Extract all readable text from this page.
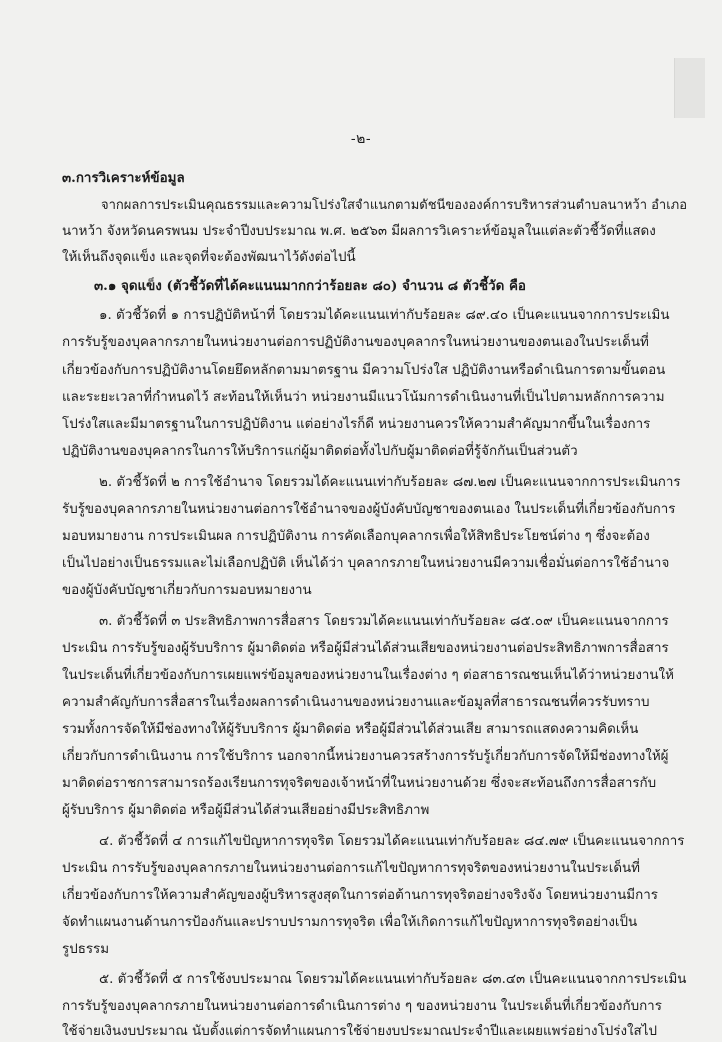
-๒-
๓.การวิเคราะห์ข้อมูล
จากผลการประเมินคุณธรรมและความโปร่งใสจำแนกตามดัชนีขององค์การบริหารส่วนตำบลนาหว้า อำเภอ
นาหว้า จังหวัดนครพนม ประจำปีงบประมาณ พ.ศ. ๒๕๖๓ มีผลการวิเคราะห์ข้อมูลในแต่ละตัวชี้วัดที่แสดง
ให้เห็นถึงจุดแข็ง และจุดที่จะต้องพัฒนาไว้ดังต่อไปนี้
๓.๑ จุดแข็ง (ตัวชี้วัดที่ได้คะแนนมากกว่าร้อยละ ๘๐) จำนวน ๘ ตัวชี้วัด คือ
๑. ตัวชี้วัดที่ ๑ การปฏิบัติหน้าที่ โดยรวมได้คะแนนเท่ากับร้อยละ ๘๙.๔๐ เป็นคะแนนจากการประเมิน
การรับรู้ของบุคลากรภายในหน่วยงานต่อการปฏิบัติงานของบุคลากรในหน่วยงานของตนเองในประเด็นที่
เกี่ยวข้องกับการปฏิบัติงานโดยยึดหลักตามมาตรฐาน มีความโปร่งใส ปฏิบัติงานหรือดำเนินการตามขั้นตอน
และระยะเวลาที่กำหนดไว้ สะท้อนให้เห็นว่า หน่วยงานมีแนวโน้มการดำเนินงานที่เป็นไปตามหลักการความ
โปร่งใสและมีมาตรฐานในการปฏิบัติงาน แต่อย่างไรก็ดี หน่วยงานควรให้ความสำคัญมากขึ้นในเรื่องการ
ปฏิบัติงานของบุคลากรในการให้บริการแก่ผู้มาติดต่อทั้งไปกับผู้มาติดต่อที่รู้จักกันเป็นส่วนตัว
๒. ตัวชี้วัดที่ ๒ การใช้อำนาจ โดยรวมได้คะแนนเท่ากับร้อยละ ๘๗.๒๗ เป็นคะแนนจากการประเมินการ
รับรู้ของบุคลากรภายในหน่วยงานต่อการใช้อำนาจของผู้บังคับบัญชาของตนเอง ในประเด็นที่เกี่ยวข้องกับการ
มอบหมายงาน การประเมินผล การปฏิบัติงาน การคัดเลือกบุคลากรเพื่อให้สิทธิประโยชน์ต่าง ๆ ซึ่งจะต้อง
เป็นไปอย่างเป็นธรรมและไม่เลือกปฏิบัติ เห็นได้ว่า บุคลากรภายในหน่วยงานมีความเชื่อมั่นต่อการใช้อำนาจ
ของผู้บังคับบัญชาเกี่ยวกับการมอบหมายงาน
๓. ตัวชี้วัดที่ ๓ ประสิทธิภาพการสื่อสาร โดยรวมได้คะแนนเท่ากับร้อยละ ๘๕.๐๙ เป็นคะแนนจากการ
ประเมิน การรับรู้ของผู้รับบริการ ผู้มาติดต่อ หรือผู้มีส่วนได้ส่วนเสียของหน่วยงานต่อประสิทธิภาพการสื่อสาร
ในประเด็นที่เกี่ยวข้องกับการเผยแพร่ข้อมูลของหน่วยงานในเรื่องต่าง ๆ ต่อสาธารณชนเห็นได้ว่าหน่วยงานให้
ความสำคัญกับการสื่อสารในเรื่องผลการดำเนินงานของหน่วยงานและข้อมูลที่สาธารณชนที่ควรรับทราบ
รวมทั้งการจัดให้มีช่องทางให้ผู้รับบริการ ผู้มาติดต่อ หรือผู้มีส่วนได้ส่วนเสีย สามารถแสดงความคิดเห็น
เกี่ยวกับการดำเนินงาน การใช้บริการ นอกจากนี้หน่วยงานควรสร้างการรับรู้เกี่ยวกับการจัดให้มีช่องทางให้ผู้
มาติดต่อราชการสามารถร้องเรียนการทุจริตของเจ้าหน้าที่ในหน่วยงานด้วย ซึ่งจะสะท้อนถึงการสื่อสารกับ
ผู้รับบริการ ผู้มาติดต่อ หรือผู้มีส่วนได้ส่วนเสียอย่างมีประสิทธิภาพ
๔. ตัวชี้วัดที่ ๔ การแก้ไขปัญหาการทุจริต โดยรวมได้คะแนนเท่ากับร้อยละ ๘๔.๗๙ เป็นคะแนนจากการ
ประเมิน การรับรู้ของบุคลากรภายในหน่วยงานต่อการแก้ไขปัญหาการทุจริตของหน่วยงานในประเด็นที่
เกี่ยวข้องกับการให้ความสำคัญของผู้บริหารสูงสุดในการต่อต้านการทุจริตอย่างจริงจัง โดยหน่วยงานมีการ
จัดทำแผนงานด้านการป้องกันและปราบปรามการทุจริต เพื่อให้เกิดการแก้ไขปัญหาการทุจริตอย่างเป็น
รูปธรรม
๕. ตัวชี้วัดที่ ๕ การใช้งบประมาณ โดยรวมได้คะแนนเท่ากับร้อยละ ๘๓.๔๓ เป็นคะแนนจากการประเมิน
การรับรู้ของบุคลากรภายในหน่วยงานต่อการดำเนินการต่าง ๆ ของหน่วยงาน ในประเด็นที่เกี่ยวข้องกับการ
ใช้จ่ายเงินงบประมาณ นับตั้งแต่การจัดทำแผนการใช้จ่ายงบประมาณประจำปีและเผยแพร่อย่างโปร่งใสไป
